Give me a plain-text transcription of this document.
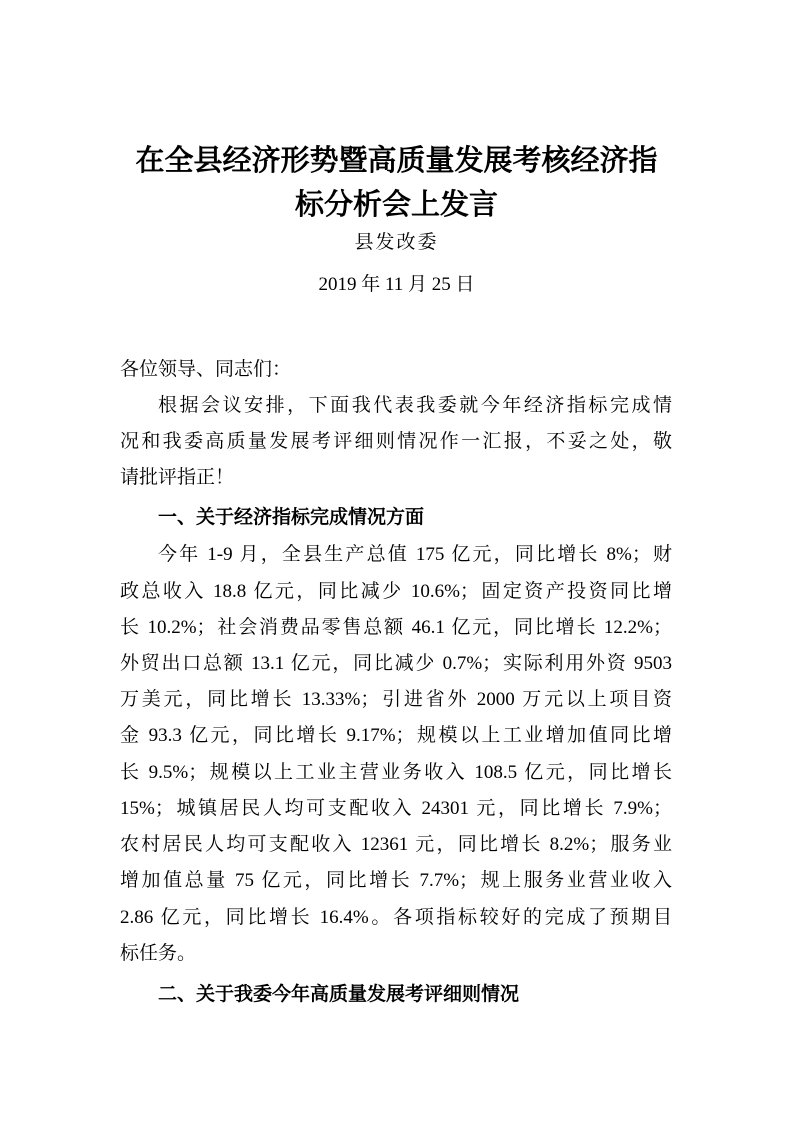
在全县经济形势暨高质量发展考核经济指
标分析会上发言
县发改委
2019 年 11 月 25 日
各位领导、同志们：
根据会议安排，下面我代表我委就今年经济指标完成情
况和我委高质量发展考评细则情况作一汇报，不妥之处，敬
请批评指正！
一、关于经济指标完成情况方面
今年 1-9 月，全县生产总值 175 亿元，同比增长 8%；财
政总收入 18.8 亿元，同比减少 10.6%；固定资产投资同比增
长 10.2%；社会消费品零售总额 46.1 亿元，同比增长 12.2%；
外贸出口总额 13.1 亿元，同比减少 0.7%；实际利用外资 9503
万美元，同比增长 13.33%；引进省外 2000 万元以上项目资
金 93.3 亿元，同比增长 9.17%；规模以上工业增加值同比增
长 9.5%；规模以上工业主营业务收入 108.5 亿元，同比增长
15%；城镇居民人均可支配收入 24301 元，同比增长 7.9%；
农村居民人均可支配收入 12361 元，同比增长 8.2%；服务业
增加值总量 75 亿元，同比增长 7.7%；规上服务业营业收入
2.86 亿元，同比增长 16.4%。各项指标较好的完成了预期目
标任务。
二、关于我委今年高质量发展考评细则情况
